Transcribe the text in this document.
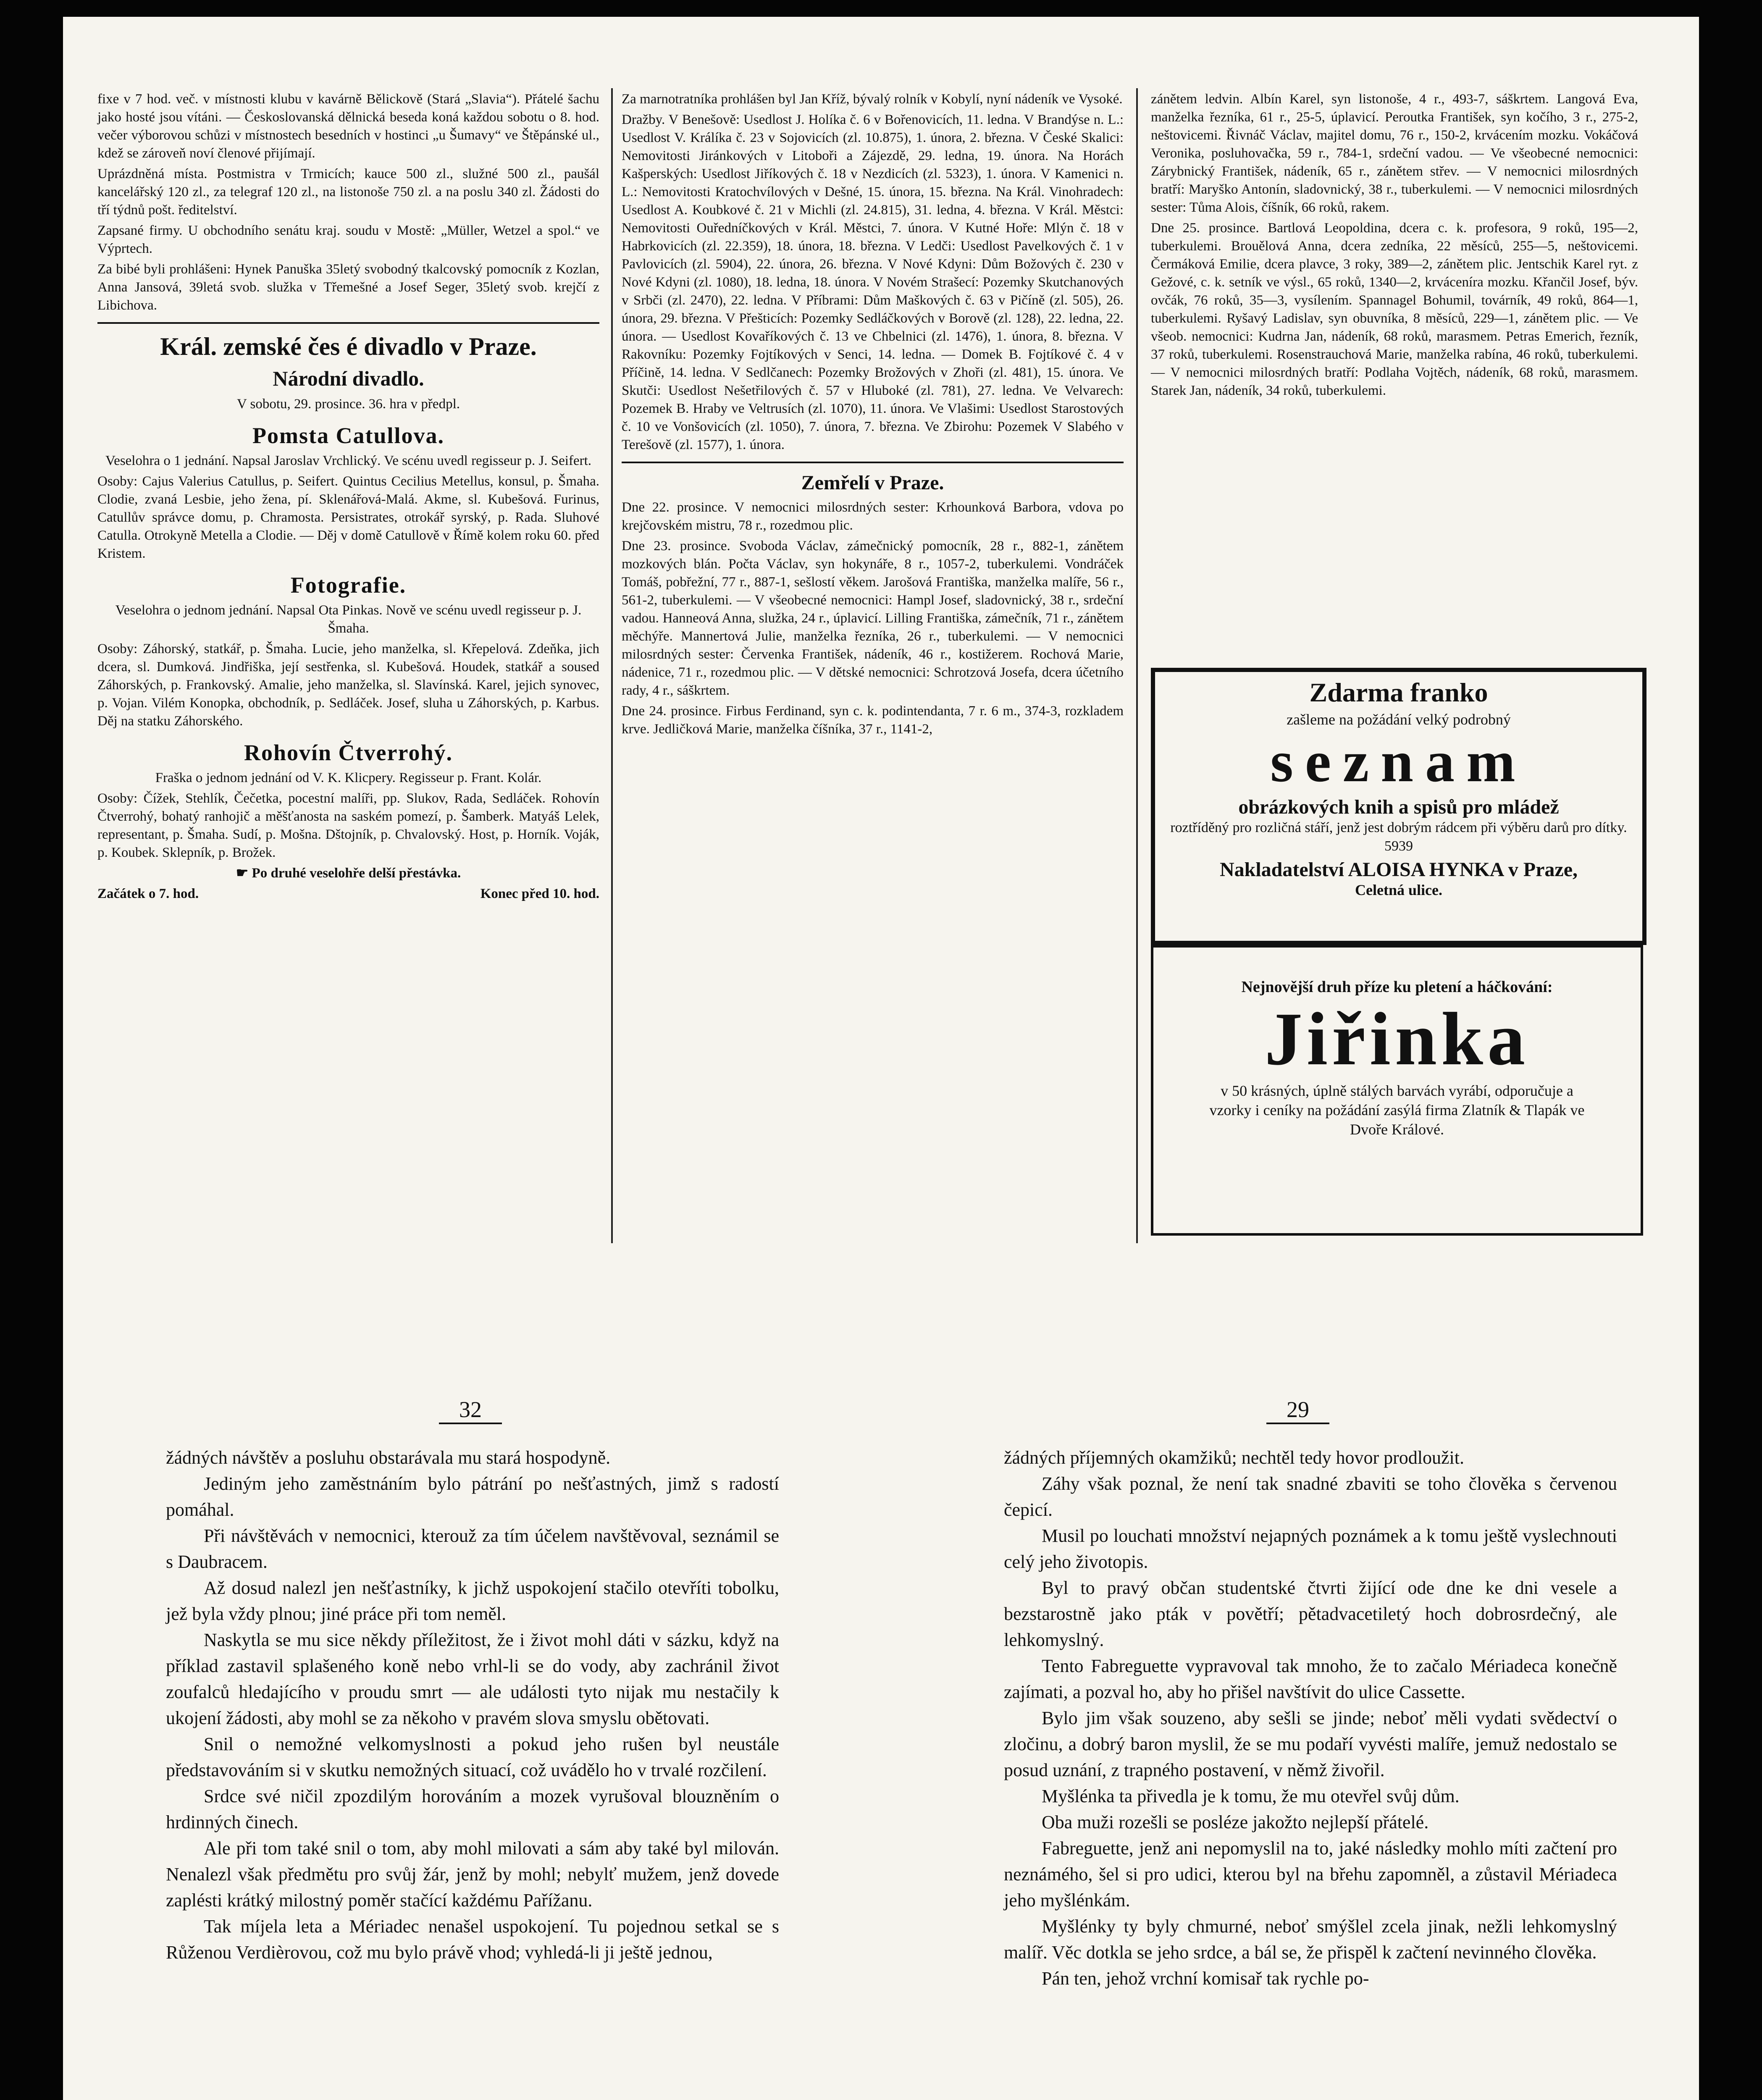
fixe v 7 hod. več. v místnosti klubu v kavárně Bělickově (Stará „Slavia“). Přátelé šachu jako hosté jsou vítáni. — Českoslovanská dělnická beseda koná každou sobotu o 8. hod. večer výborovou schůzi v místnostech besedních v hostinci „u Šumavy“ ve Štěpánské ul., kdež se zároveň noví členové přijímají.

Uprázdněná místa. Postmistra v Trmicích; kauce 500 zl., služné 500 zl., paušál kancelářský 120 zl., za telegraf 120 zl., na listonoše 750 zl. a na poslu 340 zl. Žádosti do tří týdnů pošt. ředitelství.

Zapsané firmy. U obchodního senátu kraj. soudu v Mostě: „Müller, Wetzel a spol.“ ve Výprtech.

Za bibé byli prohlášeni: Hynek Panuška 35letý svobodný tkalcovský pomocník z Kozlan, Anna Jansová, 39letá svob. služka v Třemešné a Josef Seger, 35letý svob. krejčí z Libichova.

Král. zemské čes é divadlo v Praze.
Národní divadlo.

V sobotu, 29. prosince. 36. hra v předpl.

Pomsta Catullova.

Veselohra o 1 jednání. Napsal Jaroslav Vrchlický. Ve scénu uvedl regisseur p. J. Seifert.

Osoby: Cajus Valerius Catullus, p. Seifert. Quintus Cecilius Metellus, konsul, p. Šmaha. Clodie, zvaná Lesbie, jeho žena, pí. Sklenářová-Malá. Akme, sl. Kubešová. Furinus, Catullův správce domu, p. Chramosta. Persistrates, otrokář syrský, p. Rada. Sluhové Catulla. Otrokyně Metella a Clodie. — Děj v domě Catullově v Římě kolem roku 60. před Kristem.

Fotografie.

Veselohra o jednom jednání. Napsal Ota Pinkas. Nově ve scénu uvedl regisseur p. J. Šmaha.

Osoby: Záhorský, statkář, p. Šmaha. Lucie, jeho manželka, sl. Křepelová. Zdeňka, jich dcera, sl. Dumková. Jindřiška, její sestřenka, sl. Kubešová. Houdek, statkář a soused Záhorských, p. Frankovský. Amalie, jeho manželka, sl. Slavínská. Karel, jejich synovec, p. Vojan. Vilém Konopka, obchodník, p. Sedláček. Josef, sluha u Záhorských, p. Karbus. Děj na statku Záhorského.

Rohovín Čtverrohý.

Fraška o jednom jednání od V. K. Klicpery. Regisseur p. Frant. Kolár.

Osoby: Čížek, Stehlík, Čečetka, pocestní malíři, pp. Slukov, Rada, Sedláček. Rohovín Čtverrohý, bohatý ranhojič a měšťanosta na saském pomezí, p. Šamberk. Matyáš Lelek, representant, p. Šmaha. Sudí, p. Mošna. Dštojník, p. Chvalovský. Host, p. Horník. Voják, p. Koubek. Sklepník, p. Brožek.

☛ Po druhé veselohře delší přestávka.

Začátek o 7. hod.	Konec před 10. hod.

Za marnotratníka prohlášen byl Jan Kříž, bývalý rolník v Kobylí, nyní nádeník ve Vysoké.

Dražby. V Benešově: Usedlost J. Holíka č. 6 v Bořenovicích, 11. ledna. V Brandýse n. L.: Usedlost V. Králíka č. 23 v Sojovicích (zl. 10.875), 1. února, 2. března. V České Skalici: Nemovitosti Jiránkových v Litoboři a Zájezdě, 29. ledna, 19. února. Na Horách Kašperských: Usedlost Jiříkových č. 18 v Nezdicích (zl. 5323), 1. února. V Kamenici n. L.: Nemovitosti Kratochvílových v Dešné, 15. února, 15. března. Na Král. Vinohradech: Usedlost A. Koubkové č. 21 v Michli (zl. 24.815), 31. ledna, 4. března. V Král. Městci: Nemovitosti Ouředníčkových v Král. Městci, 7. února. V Kutné Hoře: Mlýn č. 18 v Habrkovicích (zl. 22.359), 18. února, 18. března. V Ledči: Usedlost Pavelkových č. 1 v Pavlovicích (zl. 5904), 22. února, 26. března. V Nové Kdyni: Dům Božových č. 230 v Nové Kdyni (zl. 1080), 18. ledna, 18. února. V Novém Strašecí: Pozemky Skutchanových v Srbči (zl. 2470), 22. ledna. V Příbrami: Dům Maškových č. 63 v Pičíně (zl. 505), 26. února, 29. března. V Přešticích: Pozemky Sedláčkových v Borově (zl. 128), 22. ledna, 22. února. — Usedlost Kovaříkových č. 13 ve Chbelnici (zl. 1476), 1. února, 8. března. V Rakovníku: Pozemky Fojtíkových v Senci, 14. ledna. — Domek B. Fojtíkové č. 4 v Příčině, 14. ledna. V Sedlčanech: Pozemky Brožových v Zhoři (zl. 481), 15. února. Ve Skutči: Usedlost Nešetřilových č. 57 v Hluboké (zl. 781), 27. ledna. Ve Velvarech: Pozemek B. Hraby ve Veltrusích (zl. 1070), 11. února. Ve Vlašimi: Usedlost Starostových č. 10 ve Vonšovicích (zl. 1050), 7. února, 7. března. Ve Zbirohu: Pozemek V Slabého v Terešově (zl. 1577), 1. února.

Zemřelí v Praze.

Dne 22. prosince. V nemocnici milosrdných sester: Krhounková Barbora, vdova po krejčovském mistru, 78 r., rozedmou plic.

Dne 23. prosince. Svoboda Václav, zámečnický pomocník, 28 r., 882-1, zánětem mozkových blán. Počta Václav, syn hokynáře, 8 r., 1057-2, tuberkulemi. Vondráček Tomáš, pobřežní, 77 r., 887-1, sešlostí věkem. Jarošová Františka, manželka malíře, 56 r., 561-2, tuberkulemi. — V všeobecné nemocnici: Hampl Josef, sladovnický, 38 r., srdeční vadou. Hanneová Anna, služka, 24 r., úplavicí. Lilling Františka, zámečník, 71 r., zánětem měchýře. Mannertová Julie, manželka řezníka, 26 r., tuberkulemi. — V nemocnici milosrdných sester: Červenka František, nádeník, 46 r., kostižerem. Rochová Marie, nádenice, 71 r., rozedmou plic. — V dětské nemocnici: Schrotzová Josefa, dcera účetního rady, 4 r., sáškrtem.

Dne 24. prosince. Firbus Ferdinand, syn c. k. podintendanta, 7 r. 6 m., 374-3, rozkladem krve. Jedličková Marie, manželka číšníka, 37 r., 1141-2,

zánětem ledvin. Albín Karel, syn listonoše, 4 r., 493-7, sáškrtem. Langová Eva, manželka řezníka, 61 r., 25-5, úplavicí. Peroutka František, syn kočího, 3 r., 275-2, neštovicemi. Řivnáč Václav, majitel domu, 76 r., 150-2, krvácením mozku. Vokáčová Veronika, posluhovačka, 59 r., 784-1, srdeční vadou. — Ve všeobecné nemocnici: Zárybnický František, nádeník, 65 r., zánětem střev. — V nemocnici milosrdných bratří: Maryško Antonín, sladovnický, 38 r., tuberkulemi. — V nemocnici milosrdných sester: Tůma Alois, číšník, 66 roků, rakem.

Dne 25. prosince. Bartlová Leopoldina, dcera c. k. profesora, 9 roků, 195—2, tuberkulemi. Brouělová Anna, dcera zedníka, 22 měsíců, 255—5, neštovicemi. Čermáková Emilie, dcera plavce, 3 roky, 389—2, zánětem plic. Jentschik Karel ryt. z Gežové, c. k. setník ve výsl., 65 roků, 1340—2, krváceníra mozku. Křančil Josef, býv. ovčák, 76 roků, 35—3, vysílením. Spannagel Bohumil, továrník, 49 roků, 864—1, tuberkulemi. Ryšavý Ladislav, syn obuvníka, 8 měsíců, 229—1, zánětem plic. — Ve všeob. nemocnici: Kudrna Jan, nádeník, 68 roků, marasmem. Petras Emerich, řezník, 37 roků, tuberkulemi. Rosenstrauchová Marie, manželka rabína, 46 roků, tuberkulemi. — V nemocnici milosrdných bratří: Podlaha Vojtěch, nádeník, 68 roků, marasmem. Starek Jan, nádeník, 34 roků, tuberkulemi.

Zdarma franko
zašleme na požádání velký podrobný
seznam
obrázkových knih a spisů pro mládež
roztříděný pro rozličná stáří, jenž jest dobrým rádcem při výběru darů pro dítky. 5939
Nakladatelství ALOISA HYNKA v Praze,
Celetná ulice.
Nejnovější druh příze ku pletení a háčkování:
Jiřinka
v 50 krásných, úplně stálých barvách vyrábí, odporučuje a vzorky i ceníky na požádání zasýlá firma Zlatník & Tlapák ve Dvoře Králové.
32	29

žádných návštěv a posluhu obstarávala mu stará hospodyně.

Jediným jeho zaměstnáním bylo pátrání po nešťastných, jimž s radostí pomáhal.

Při návštěvách v nemocnici, kterouž za tím účelem navštěvoval, seznámil se s Daubracem.

Až dosud nalezl jen nešťastníky, k jichž uspokojení stačilo otevříti tobolku, jež byla vždy plnou; jiné práce při tom neměl.

Naskytla se mu sice někdy příležitost, že i život mohl dáti v sázku, když na příklad zastavil splašeného koně nebo vrhl-li se do vody, aby zachránil život zoufalců hledajícího v proudu smrt — ale události tyto nijak mu nestačily k ukojení žádosti, aby mohl se za někoho v pravém slova smyslu obětovati.

Snil o nemožné velkomyslnosti a pokud jeho rušen byl neustále představováním si v skutku nemožných situací, což uvádělo ho v trvalé rozčilení.

Srdce své ničil zpozdilým horováním a mozek vyrušoval blouzněním o hrdinných činech.

Ale při tom také snil o tom, aby mohl milovati a sám aby také byl milován. Nenalezl však předmětu pro svůj žár, jenž by mohl; nebylť mužem, jenž dovede zaplésti krátký milostný poměr stačící každému Pařížanu.

Tak míjela leta a Mériadec nenašel uspokojení. Tu pojednou setkal se s Růženou Verdièrovou, což mu bylo právě vhod; vyhledá-li ji ještě jednou,

žádných příjemných okamžiků; nechtěl tedy hovor prodloužit.

Záhy však poznal, že není tak snadné zbaviti se toho člověka s červenou čepicí.

Musil po louchati množství nejapných poznámek a k tomu ještě vyslechnouti celý jeho životopis.

Byl to pravý občan studentské čtvrti žijící ode dne ke dni vesele a bezstarostně jako pták v povětří; pětadvacetiletý hoch dobrosrdečný, ale lehkomyslný.

Tento Fabreguette vypravoval tak mnoho, že to začalo Mériadeca konečně zajímati, a pozval ho, aby ho přišel navštívit do ulice Cassette.

Bylo jim však souzeno, aby sešli se jinde; neboť měli vydati svědectví o zločinu, a dobrý baron myslil, že se mu podaří vyvésti malíře, jemuž nedostalo se posud uznání, z trapného postavení, v němž živořil.

Myšlénka ta přivedla je k tomu, že mu otevřel svůj dům.

Oba muži rozešli se posléze jakožto nejlepší přátelé.

Fabreguette, jenž ani nepomyslil na to, jaké následky mohlo míti začtení pro neznámého, šel si pro udici, kterou byl na břehu zapomněl, a zůstavil Mériadeca jeho myšlénkám.

Myšlénky ty byly chmurné, neboť smýšlel zcela jinak, nežli lehkomyslný malíř. Věc dotkla se jeho srdce, a bál se, že přispěl k začtení nevinného člověka.

Pán ten, jehož vrchní komisař tak rychle po-
